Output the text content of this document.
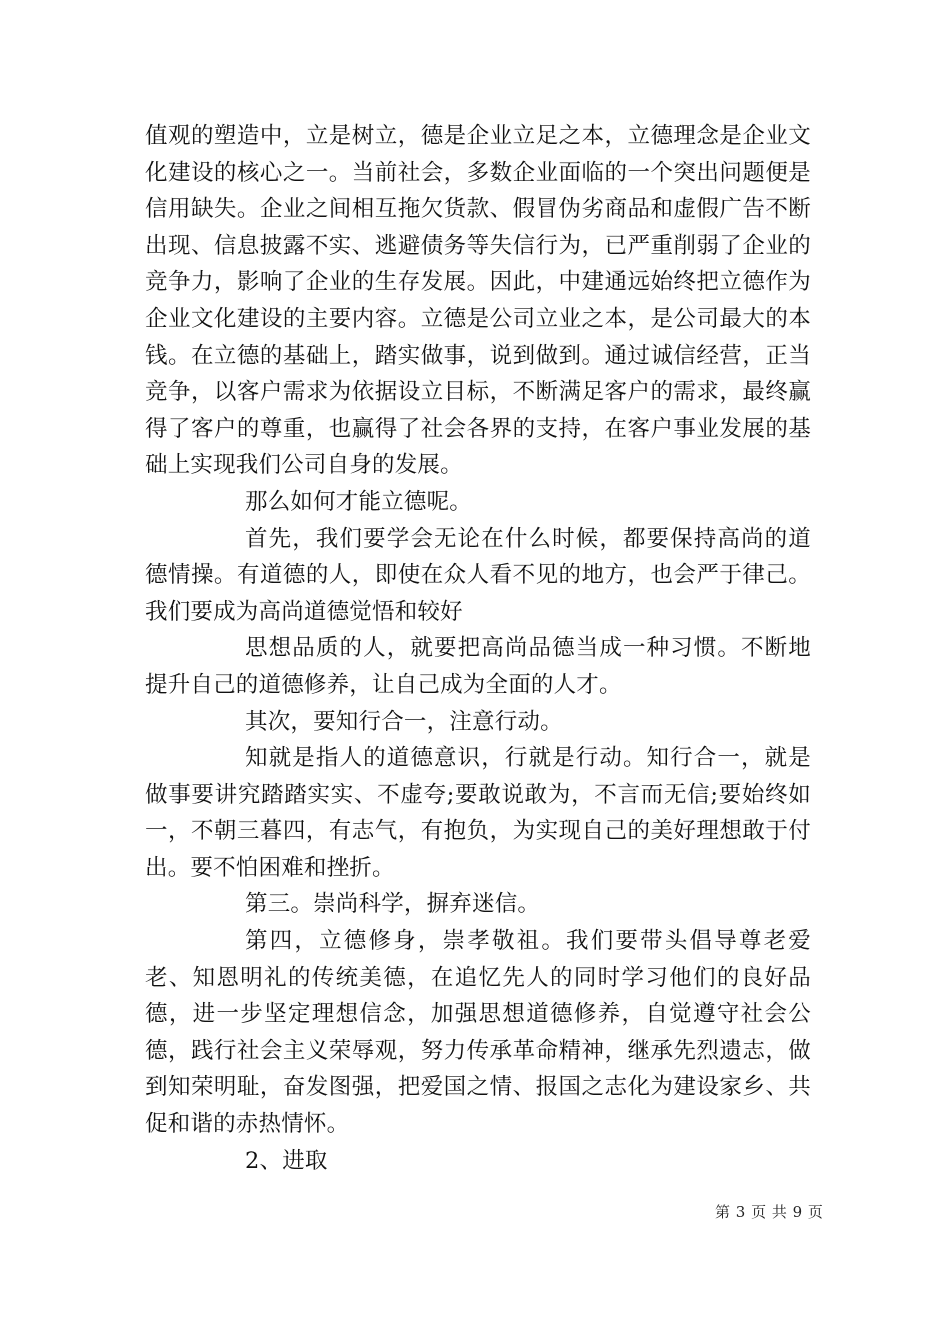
值观的塑造中，立是树立，德是企业立足之本，立德理念是企业文化建设的核心之一。当前社会，多数企业面临的一个突出问题便是信用缺失。企业之间相互拖欠货款、假冒伪劣商品和虚假广告不断出现、信息披露不实、逃避债务等失信行为，已严重削弱了企业的竞争力，影响了企业的生存发展。因此，中建通远始终把立德作为企业文化建设的主要内容。立德是公司立业之本，是公司最大的本钱。在立德的基础上，踏实做事，说到做到。通过诚信经营，正当竞争，以客户需求为依据设立目标，不断满足客户的需求，最终赢得了客户的尊重，也赢得了社会各界的支持，在客户事业发展的基础上实现我们公司自身的发展。

那么如何才能立德呢。

首先，我们要学会无论在什么时候，都要保持高尚的道德情操。有道德的人，即使在众人看不见的地方，也会严于律己。我们要成为高尚道德觉悟和较好

思想品质的人，就要把高尚品德当成一种习惯。不断地提升自己的道德修养，让自己成为全面的人才。

其次，要知行合一，注意行动。

知就是指人的道德意识，行就是行动。知行合一，就是做事要讲究踏踏实实、不虚夸;要敢说敢为，不言而无信;要始终如一，不朝三暮四，有志气，有抱负，为实现自己的美好理想敢于付出。要不怕困难和挫折。

第三。崇尚科学，摒弃迷信。

第四，立德修身，崇孝敬祖。我们要带头倡导尊老爱老、知恩明礼的传统美德，在追忆先人的同时学习他们的良好品德，进一步坚定理想信念，加强思想道德修养，自觉遵守社会公德，践行社会主义荣辱观，努力传承革命精神，继承先烈遗志，做到知荣明耻，奋发图强，把爱国之情、报国之志化为建设家乡、共促和谐的赤热情怀。

2、进取

第 3 页 共 9 页
